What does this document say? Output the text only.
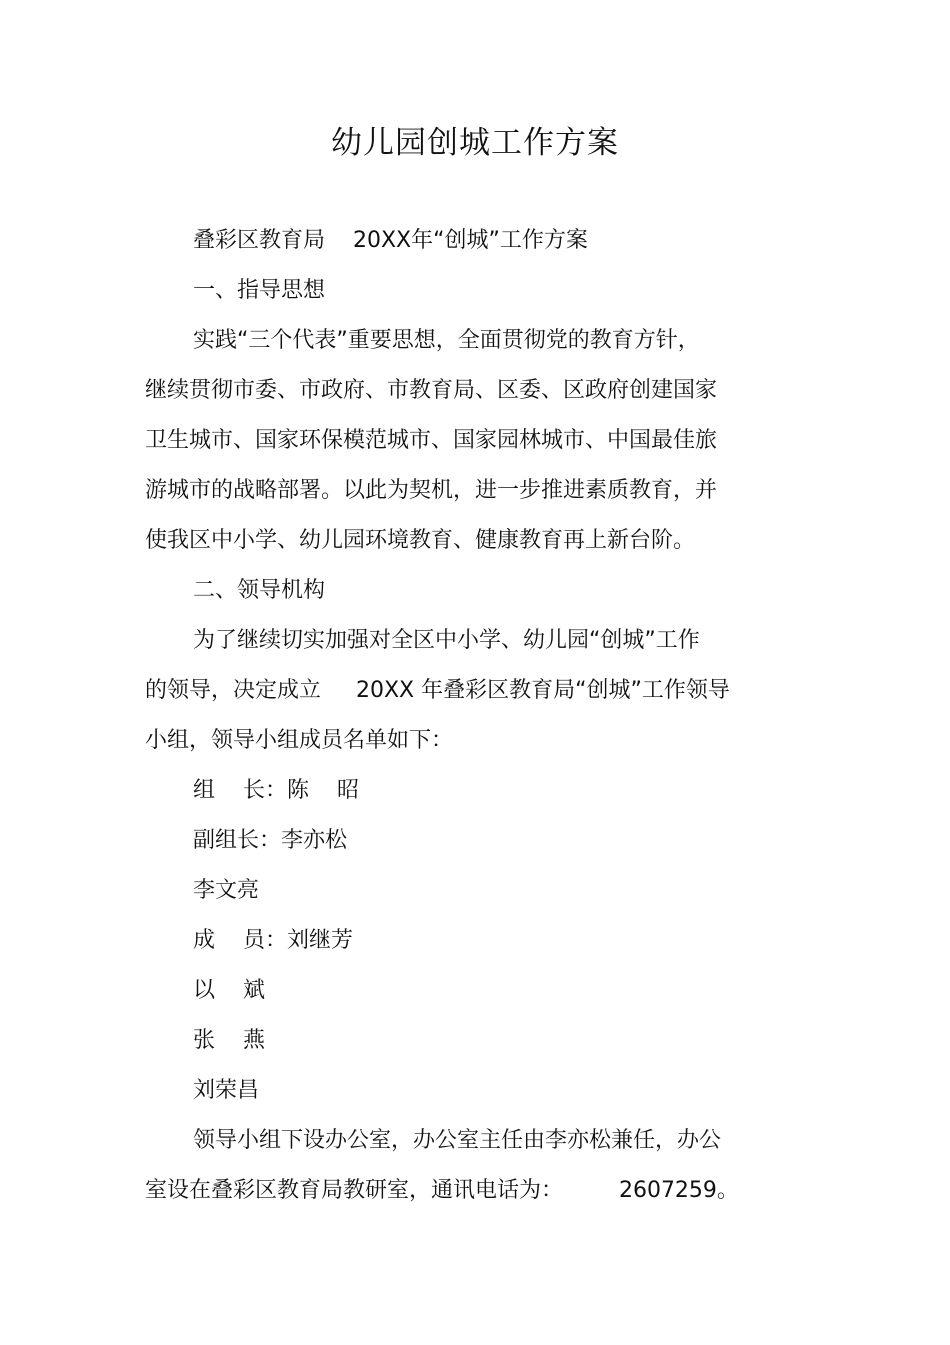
幼儿园创城工作方案
叠彩区教育局    20XX年“创城”工作方案
一、指导思想
实践“三个代表”重要思想，全面贯彻党的教育方针，
继续贯彻市委、市政府、市教育局、区委、区政府创建国家
卫生城市、国家环保模范城市、国家园林城市、中国最佳旅
游城市的战略部署。以此为契机，进一步推进素质教育，并
使我区中小学、幼儿园环境教育、健康教育再上新台阶。
二、领导机构
为了继续切实加强对全区中小学、幼儿园“创城”工作
的领导，决定成立     20XX 年叠彩区教育局“创城”工作领导
小组，领导小组成员名单如下：
组    长：陈    昭
副组长：李亦松
李文亮
成    员：刘继芳
以    斌
张    燕
刘荣昌
领导小组下设办公室，办公室主任由李亦松兼任，办公
室设在叠彩区教育局教研室，通讯电话为：        2607259。
